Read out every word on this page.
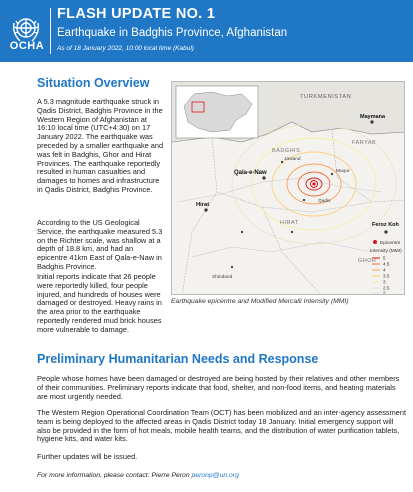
OCHA
FLASH UPDATE NO. 1
Earthquake in Badghis Province, Afghanistan
As of 18 January 2022, 10:00 local time (Kabul)
Situation Overview
A 5.3 magnitude earthquake struck in Qadis District, Badghis Province in the Western Region of Afghanistan at 16:10 local time (UTC+4:30) on 17 January 2022. The earthquake was preceded by a smaller earthquake and was felt in Badghis, Ghor and Hirat Provinces. The earthquake reportedly resulted in human casualties and damages to homes and infrastructure in Qadis District, Badghis Province.
According to the US Geological Service, the earthquake measured 5.3 on the Richter scale, was shallow at a depth of 18.8 km, and had an epicentre 41km East of Qala-e-Naw in Badghis Province.
Initial reports indicate that 26 people were reportedly killed, four people injured, and hundreds of houses were damaged or destroyed. Heavy rains in the area prior to the earthquake reportedly rendered mud brick houses more vulnerable to damage.
TURKMENISTAN
FARYAB
Maymana
BADGHIS
Qala-e-Naw
HIRAT
Hirat
GHOR
Feroz Koh
Shindand
Qadis
Muqur
Jawand
Epicentre
Intensity (MMI)
5
4.5
4
3.5
3
2.5
2
Earthquake epicentre and Modified Mercalli Intensity (MMI)
Preliminary Humanitarian Needs and Response
People whose homes have been damaged or destroyed are being hosted by their relatives and other members of their communities. Preliminary reports indicate that food, shelter, and non-food items, and heating materials are most urgently needed.
The Western Region Operational Coordination Team (OCT) has been mobilized and an inter-agency assessment team is being deployed to the affected areas in Qadis District today 18 January. Initial emergency support will also be provided in the form of hot meals, mobile health teams, and the distribution of water purification tablets, hygiene kits, and water kits.
Further updates will be issued.
For more information, please contact: Pierre Peron peronp@un.org
